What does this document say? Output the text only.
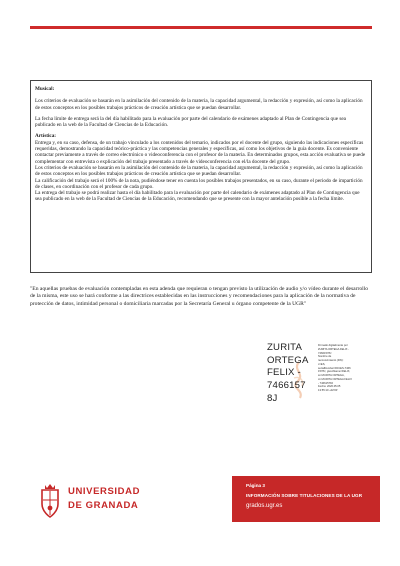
Musical:

Los criterios de evaluación se basarán en la asimilación del contenido de la materia, la capacidad argumental, la redacción y expresión, así como la aplicación de estos conceptos en los posibles trabajos prácticos de creación artística que se puedan desarrollar.

La fecha límite de entrega será la del día habilitado para la evaluación por parte del calendario de exámenes adaptado al Plan de Contingencia que sea publicado en la web de la Facultad de Ciencias de la Educación.

Artística:

Entrega y, en su caso, defensa, de un trabajo vinculado a los contenidos del temario, indicados por el docente del grupo, siguiendo las indicaciones específicas requeridas, demostrando la capacidad teórico-práctica y las competencias generales y específicas, así como los objetivos de la guía docente. Es conveniente contactar previamente a través de correo electrónico o videoconferencia con el profesor de la materia. En determinados grupos, esta acción evaluativa se puede complementar con entrevista o explicación del trabajo presentado a través de videoconferencia con el/la docente del grupo.

Los criterios de evaluación se basarán en la asimilación del contenido de la materia, la capacidad argumental, la redacción y expresión, así como la aplicación de estos conceptos en los posibles trabajos prácticos de creación artística que se puedan desarrollar.

La calificación del trabajo será el 100% de la nota, pudiéndose tener en cuenta los posibles trabajos presentados, en su caso, durante el periodo de impartición de clases, en coordinación con el profesor de cada grupo.

La entrega del trabajo se podrá realizar hasta el día habilitado para la evaluación por parte del calendario de exámenes adaptado al Plan de Contingencia que sea publicado en la web de la Facultad de Ciencias de la Educación, recomendando que se presente con la mayor antelación posible a la fecha límite.

"En aquellas pruebas de evaluación contempladas en esta adenda que requieran o tengan previsto la utilización de audio y/o vídeo durante el desarrollo de la misma, este uso se hará conforme a las directrices establecidas en las instrucciones y recomendaciones para la aplicación de la normativa de protección de datos, intimidad personal o domiciliaria marcadas por la Secretaría General u órgano competente de la UGR"
ZURITA
ORTEGA
FELIX -
7466157
8J
Firmado digitalmente por
ZURITA ORTEGA FELIX -
74661578J
Nombre de
reconocimiento (DN):
c=ES,
serialNumber=IDCES-7466
1578J, givenName=FELIX,
sn=ZURITA ORTEGA,
cn=ZURITA ORTEGA FELIX
- 74661578J
Fecha: 2020.05.05
13:55:10 +02'00'
UNIVERSIDAD
DE GRANADA
Página 3
INFORMACIÓN SOBRE TITULACIONES DE LA UGR
grados.ugr.es
